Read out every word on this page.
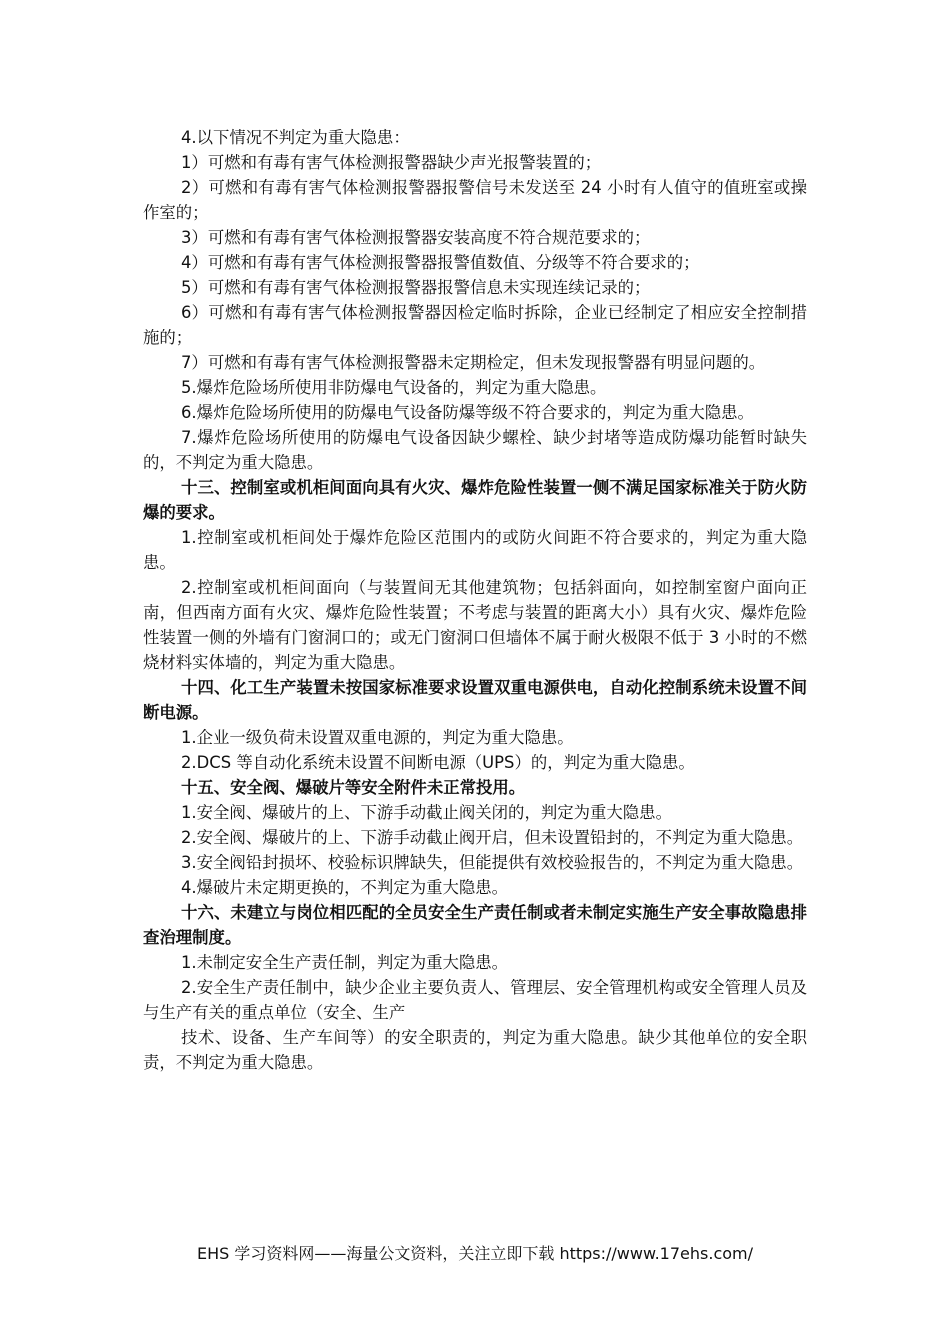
4.以下情况不判定为重大隐患：

1）可燃和有毒有害气体检测报警器缺少声光报警装置的；

2）可燃和有毒有害气体检测报警器报警信号未发送至 24 小时有人值守的值班室或操作室的；

3）可燃和有毒有害气体检测报警器安装高度不符合规范要求的；

4）可燃和有毒有害气体检测报警器报警值数值、分级等不符合要求的；

5）可燃和有毒有害气体检测报警器报警信息未实现连续记录的；

6）可燃和有毒有害气体检测报警器因检定临时拆除，企业已经制定了相应安全控制措施的；

7）可燃和有毒有害气体检测报警器未定期检定，但未发现报警器有明显问题的。

5.爆炸危险场所使用非防爆电气设备的，判定为重大隐患。

6.爆炸危险场所使用的防爆电气设备防爆等级不符合要求的，判定为重大隐患。

7.爆炸危险场所使用的防爆电气设备因缺少螺栓、缺少封堵等造成防爆功能暂时缺失的，不判定为重大隐患。

十三、控制室或机柜间面向具有火灾、爆炸危险性装置一侧不满足国家标准关于防火防爆的要求。

1.控制室或机柜间处于爆炸危险区范围内的或防火间距不符合要求的，判定为重大隐患。

2.控制室或机柜间面向（与装置间无其他建筑物；包括斜面向，如控制室窗户面向正南，但西南方面有火灾、爆炸危险性装置；不考虑与装置的距离大小）具有火灾、爆炸危险性装置一侧的外墙有门窗洞口的；或无门窗洞口但墙体不属于耐火极限不低于 3 小时的不燃烧材料实体墙的，判定为重大隐患。

十四、化工生产装置未按国家标准要求设置双重电源供电，自动化控制系统未设置不间断电源。

1.企业一级负荷未设置双重电源的，判定为重大隐患。

2.DCS 等自动化系统未设置不间断电源（UPS）的，判定为重大隐患。

十五、安全阀、爆破片等安全附件未正常投用。

1.安全阀、爆破片的上、下游手动截止阀关闭的，判定为重大隐患。

2.安全阀、爆破片的上、下游手动截止阀开启，但未设置铅封的，不判定为重大隐患。

3.安全阀铅封损坏、校验标识牌缺失，但能提供有效校验报告的，不判定为重大隐患。

4.爆破片未定期更换的，不判定为重大隐患。

十六、未建立与岗位相匹配的全员安全生产责任制或者未制定实施生产安全事故隐患排查治理制度。

1.未制定安全生产责任制，判定为重大隐患。

2.安全生产责任制中，缺少企业主要负责人、管理层、安全管理机构或安全管理人员及与生产有关的重点单位（安全、生产

技术、设备、生产车间等）的安全职责的，判定为重大隐患。缺少其他单位的安全职责，不判定为重大隐患。

EHS 学习资料网——海量公文资料，关注立即下载 https://www.17ehs.com/
